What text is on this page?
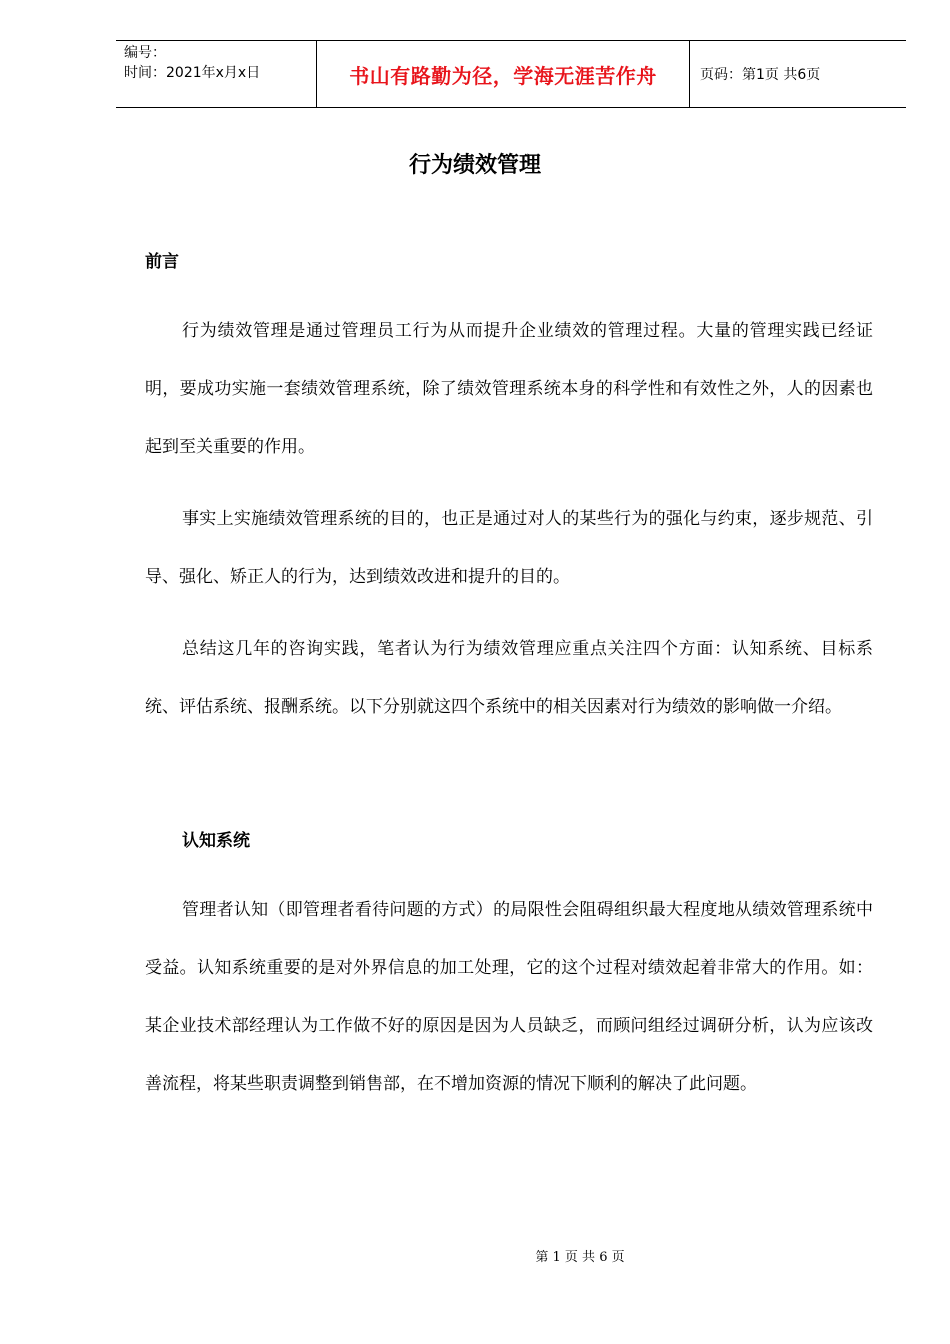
编号：
时间：2021年x月x日	书山有路勤为径，学海无涯苦作舟	页码：第1页 共6页
行为绩效管理
前言

行为绩效管理是通过管理员工行为从而提升企业绩效的管理过程。大量的管理实践已经证明，要成功实施一套绩效管理系统，除了绩效管理系统本身的科学性和有效性之外，人的因素也起到至关重要的作用。

事实上实施绩效管理系统的目的，也正是通过对人的某些行为的强化与约束，逐步规范、引导、强化、矫正人的行为，达到绩效改进和提升的目的。

总结这几年的咨询实践，笔者认为行为绩效管理应重点关注四个方面：认知系统、目标系统、评估系统、报酬系统。以下分别就这四个系统中的相关因素对行为绩效的影响做一介绍。

认知系统

管理者认知（即管理者看待问题的方式）的局限性会阻碍组织最大程度地从绩效管理系统中受益。认知系统重要的是对外界信息的加工处理，它的这个过程对绩效起着非常大的作用。如：某企业技术部经理认为工作做不好的原因是因为人员缺乏，而顾问组经过调研分析，认为应该改善流程，将某些职责调整到销售部，在不增加资源的情况下顺利的解决了此问题。

第 1 页 共 6 页
